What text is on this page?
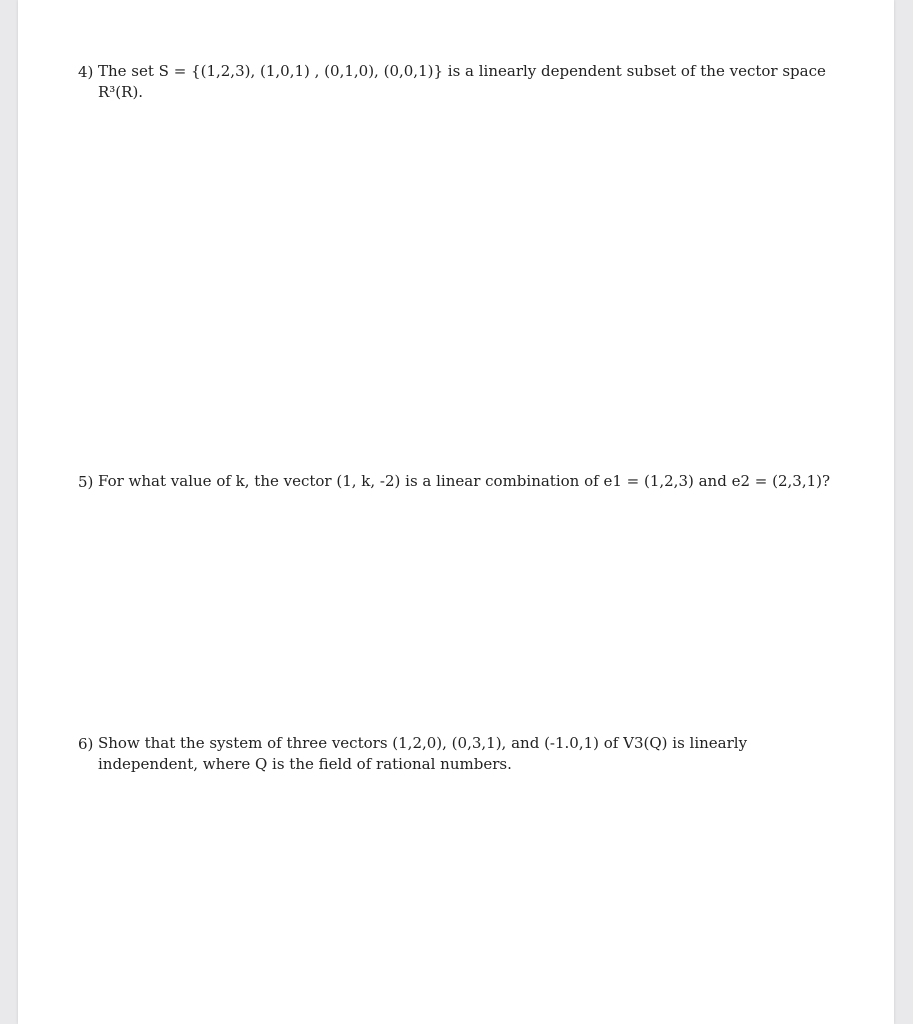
4) The set S = {(1,2,3), (1,0,1) , (0,1,0), (0,0,1)} is a linearly dependent subset of the vector space R³(R).
5) For what value of k, the vector (1, k, -2) is a linear combination of e1 = (1,2,3) and e2 = (2,3,1)?
6) Show that the system of three vectors (1,2,0), (0,3,1), and (-1.0,1) of V3(Q) is linearly independent, where Q is the field of rational numbers.
